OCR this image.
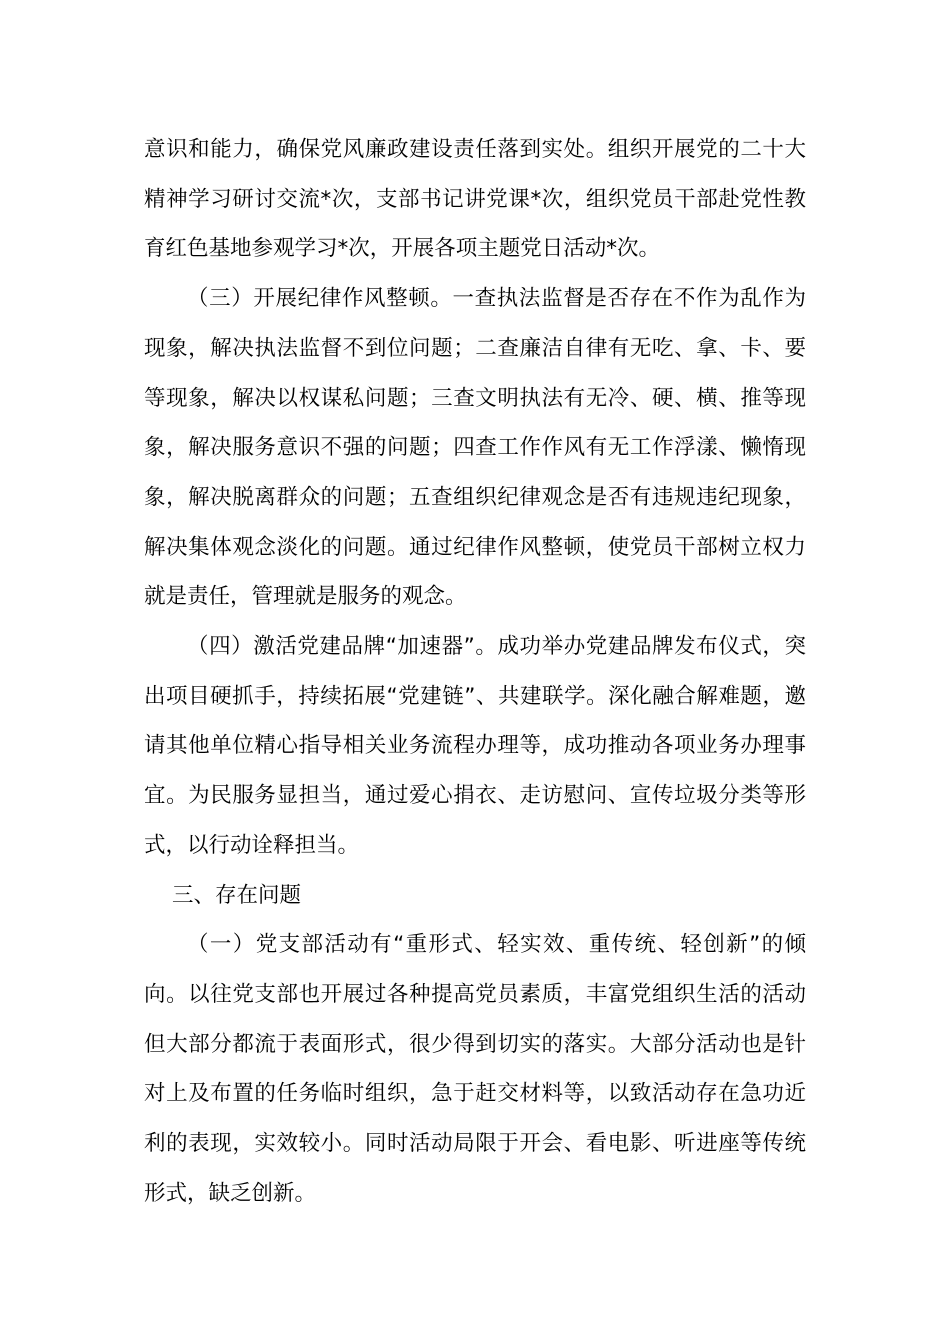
意识和能力，确保党风廉政建设责任落到实处。组织开展党的二十大精神学习研讨交流*次，支部书记讲党课*次，组织党员干部赴党性教育红色基地参观学习*次，开展各项主题党日活动*次。

（三）开展纪律作风整顿。一查执法监督是否存在不作为乱作为现象，解决执法监督不到位问题；二查廉洁自律有无吃、拿、卡、要等现象，解决以权谋私问题；三查文明执法有无冷、硬、横、推等现象，解决服务意识不强的问题；四查工作作风有无工作浮漾、懒惰现象，解决脱离群众的问题；五查组织纪律观念是否有违规违纪现象，解决集体观念淡化的问题。通过纪律作风整顿，使党员干部树立权力就是责任，管理就是服务的观念。

（四）激活党建品牌“加速器”。成功举办党建品牌发布仪式，突出项目硬抓手，持续拓展“党建链”、共建联学。深化融合解难题，邀请其他单位精心指导相关业务流程办理等，成功推动各项业务办理事宜。为民服务显担当，通过爱心捐衣、走访慰问、宣传垃圾分类等形式，以行动诠释担当。

三、存在问题

（一）党支部活动有“重形式、轻实效、重传统、轻创新”的倾向。以往党支部也开展过各种提高党员素质，丰富党组织生活的活动但大部分都流于表面形式，很少得到切实的落实。大部分活动也是针对上及布置的任务临时组织，急于赶交材料等，以致活动存在急功近利的表现，实效较小。同时活动局限于开会、看电影、听进座等传统形式，缺乏创新。
